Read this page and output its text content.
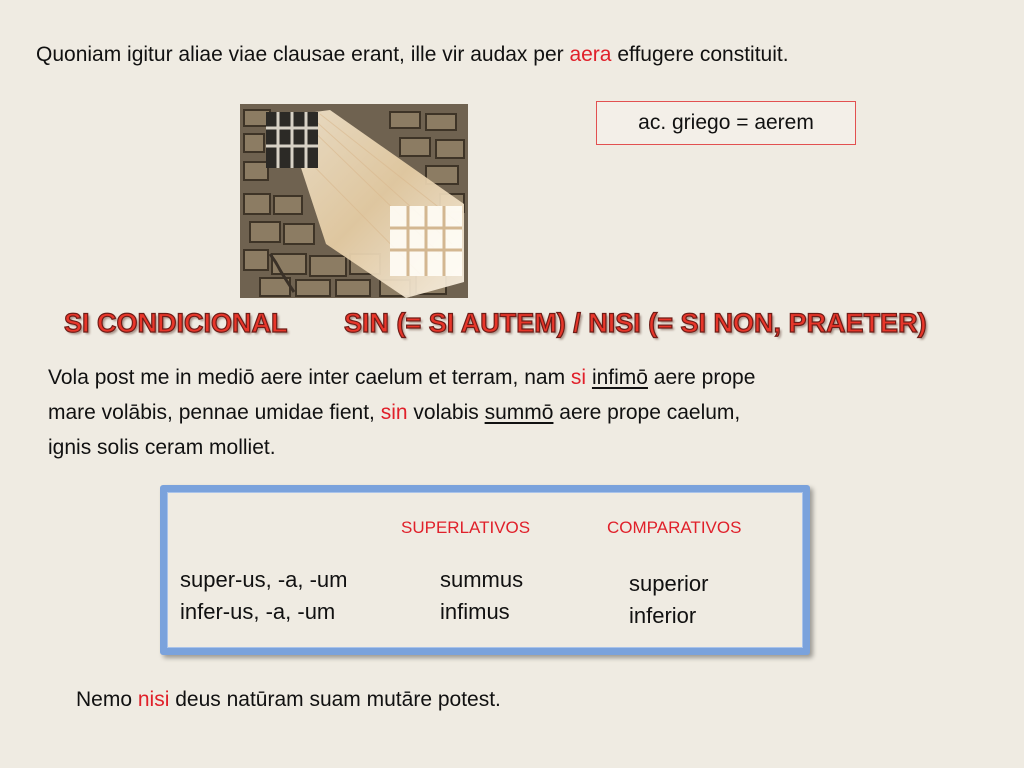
Quoniam igitur aliae viae clausae erant, ille vir audax per aera effugere constituit.
ac. griego = aerem
SI CONDICIONAL SIN (= SI AUTEM) / NISI (= SI NON, PRAETER)
Vola post me in mediō aere inter caelum et terram, nam si infimō aere prope
mare volābis, pennae umidae fient, sin volabis summō aere prope caelum,
ignis solis ceram molliet.
SUPERLATIVOS	COMPARATIVOS
super-us, -a, -um
infer-us, -a, -um
summus
infimus
superior
inferior
Nemo nisi deus natūram suam mutāre potest.
